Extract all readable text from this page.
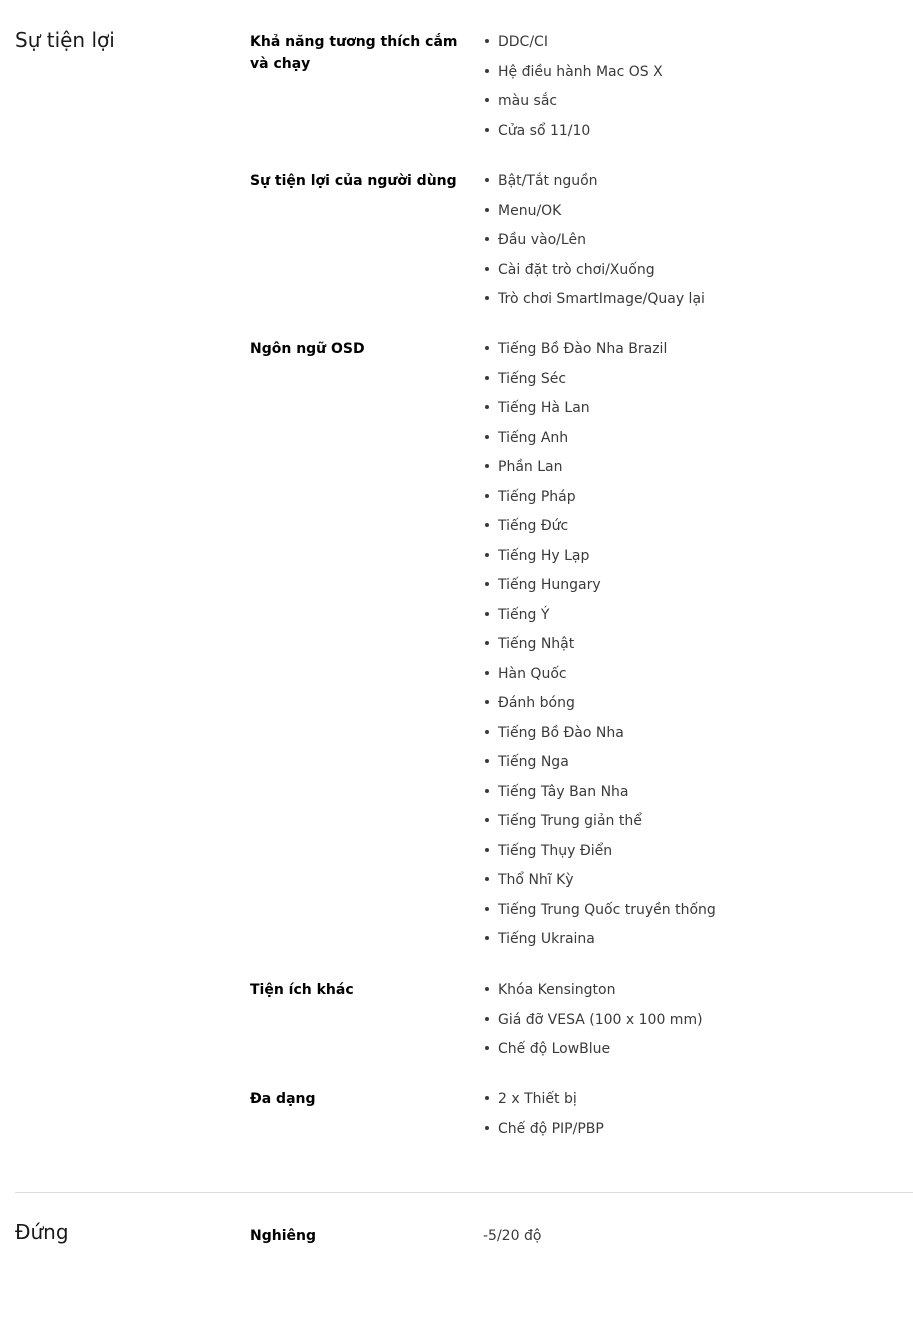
Sự tiện lợi	Khả năng tương thích cắm và chạy
DDC/CI
Hệ điều hành Mac OS X
màu sắc
Cửa sổ 11/10
Sự tiện lợi của người dùng	Bật/Tắt nguồn
Menu/OK
Đầu vào/Lên
Cài đặt trò chơi/Xuống
Trò chơi SmartImage/Quay lại
Ngôn ngữ OSD	Tiếng Bồ Đào Nha Brazil
Tiếng Séc
Tiếng Hà Lan
Tiếng Anh
Phần Lan
Tiếng Pháp
Tiếng Đức
Tiếng Hy Lạp
Tiếng Hungary
Tiếng Ý
Tiếng Nhật
Hàn Quốc
Đánh bóng
Tiếng Bồ Đào Nha
Tiếng Nga
Tiếng Tây Ban Nha
Tiếng Trung giản thể
Tiếng Thụy Điển
Thổ Nhĩ Kỳ
Tiếng Trung Quốc truyền thống
Tiếng Ukraina
Tiện ích khác	Khóa Kensington
Giá đỡ VESA (100 x 100 mm)
Chế độ LowBlue
Đa dạng	2 x Thiết bị
Chế độ PIP/PBP
Đứng	Nghiêng	-5/20 độ
